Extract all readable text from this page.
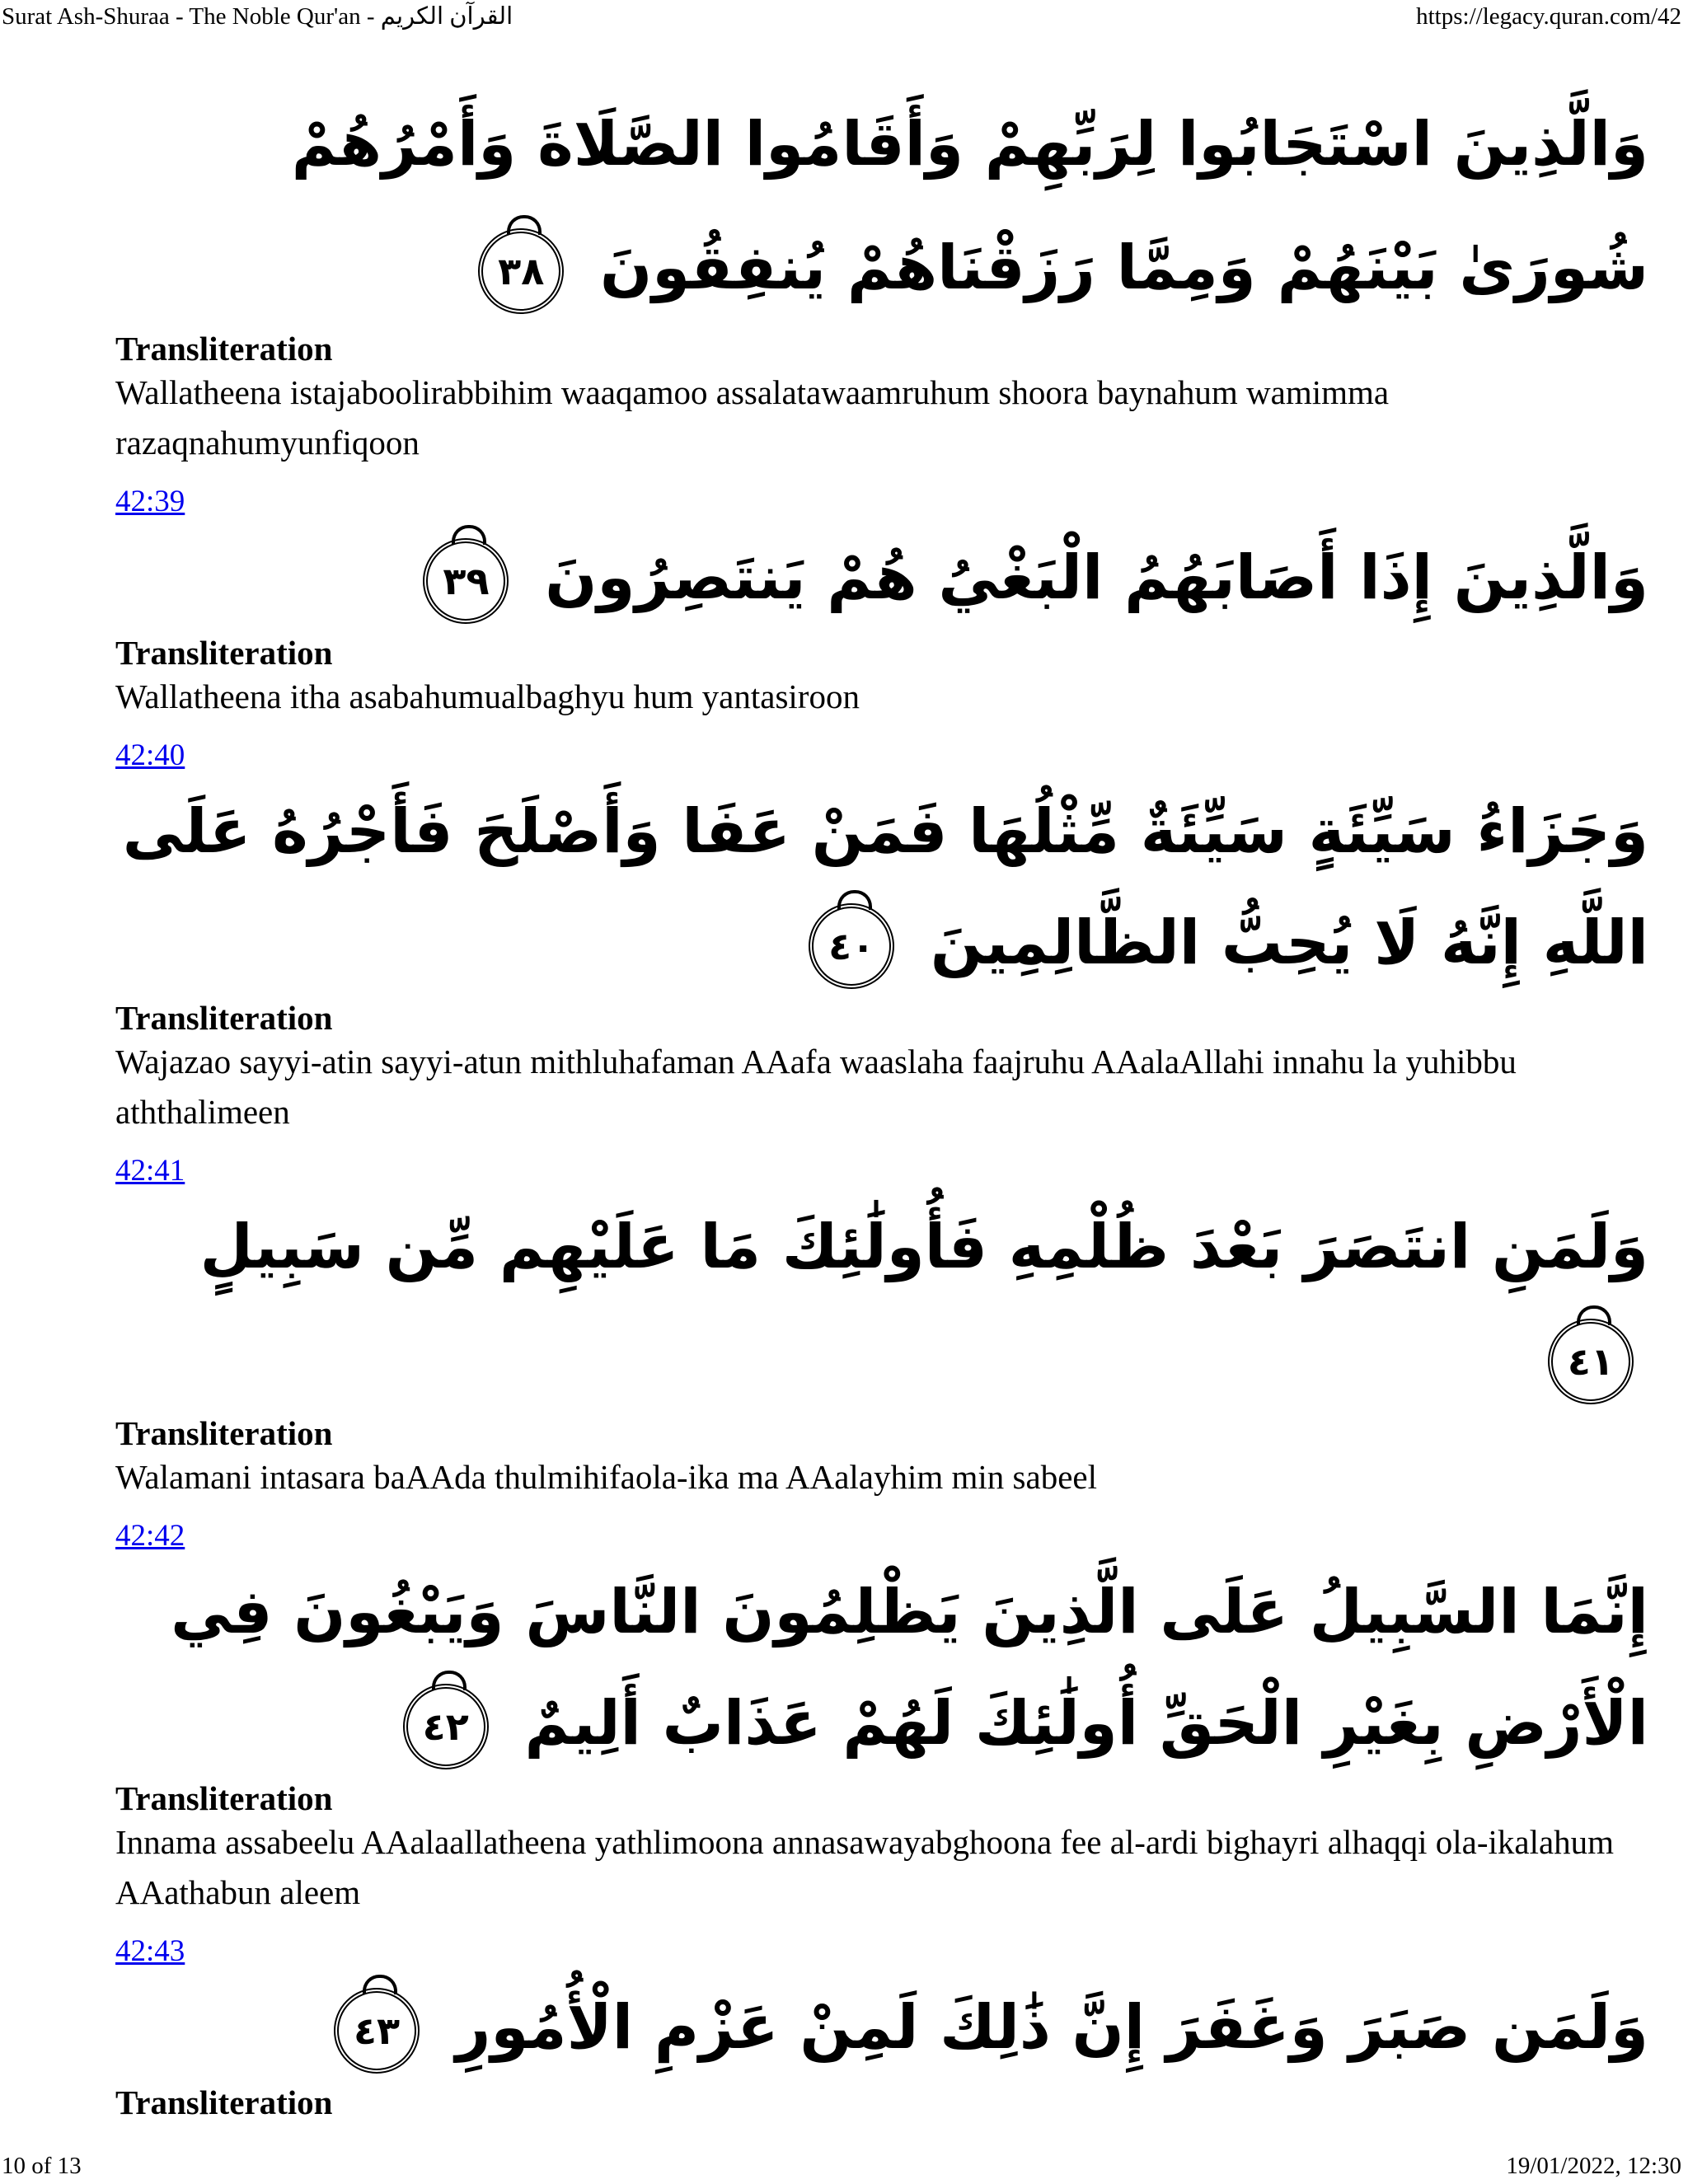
Surat Ash-Shuraa - The Noble Qur'an - القرآن الكريم	https://legacy.quran.com/42
وَالَّذِينَ اسْتَجَابُوا لِرَبِّهِمْ وَأَقَامُوا الصَّلَاةَ وَأَمْرُهُمْ شُورَىٰ بَيْنَهُمْ وَمِمَّا رَزَقْنَاهُمْ يُنفِقُونَ ٣٨

Transliteration

Wallatheena istajaboolirabbihim waaqamoo assalatawaamruhum shoora baynahum wamimma razaqnahumyunfiqoon

42:39
وَالَّذِينَ إِذَا أَصَابَهُمُ الْبَغْيُ هُمْ يَنتَصِرُونَ ٣٩

Transliteration

Wallatheena itha asabahumualbaghyu hum yantasiroon

42:40
وَجَزَاءُ سَيِّئَةٍ سَيِّئَةٌ مِّثْلُهَا فَمَنْ عَفَا وَأَصْلَحَ فَأَجْرُهُ عَلَى اللَّهِ إِنَّهُ لَا يُحِبُّ الظَّالِمِينَ ٤٠

Transliteration

Wajazao sayyi-atin sayyi-atun mithluhafaman AAafa waaslaha faajruhu AAalaAllahi innahu la yuhibbu aththalimeen

42:41
وَلَمَنِ انتَصَرَ بَعْدَ ظُلْمِهِ فَأُولَٰئِكَ مَا عَلَيْهِم مِّن سَبِيلٍ ٤١

Transliteration

Walamani intasara baAAda thulmihifaola-ika ma AAalayhim min sabeel

42:42
إِنَّمَا السَّبِيلُ عَلَى الَّذِينَ يَظْلِمُونَ النَّاسَ وَيَبْغُونَ فِي الْأَرْضِ بِغَيْرِ الْحَقِّ أُولَٰئِكَ لَهُمْ عَذَابٌ أَلِيمٌ ٤٢

Transliteration

Innama assabeelu AAalaallatheena yathlimoona annasawayabghoona fee al-ardi bighayri alhaqqi ola-ikalahum AAathabun aleem

42:43
وَلَمَن صَبَرَ وَغَفَرَ إِنَّ ذَٰلِكَ لَمِنْ عَزْمِ الْأُمُورِ ٤٣

Transliteration

10 of 13	19/01/2022, 12:30
